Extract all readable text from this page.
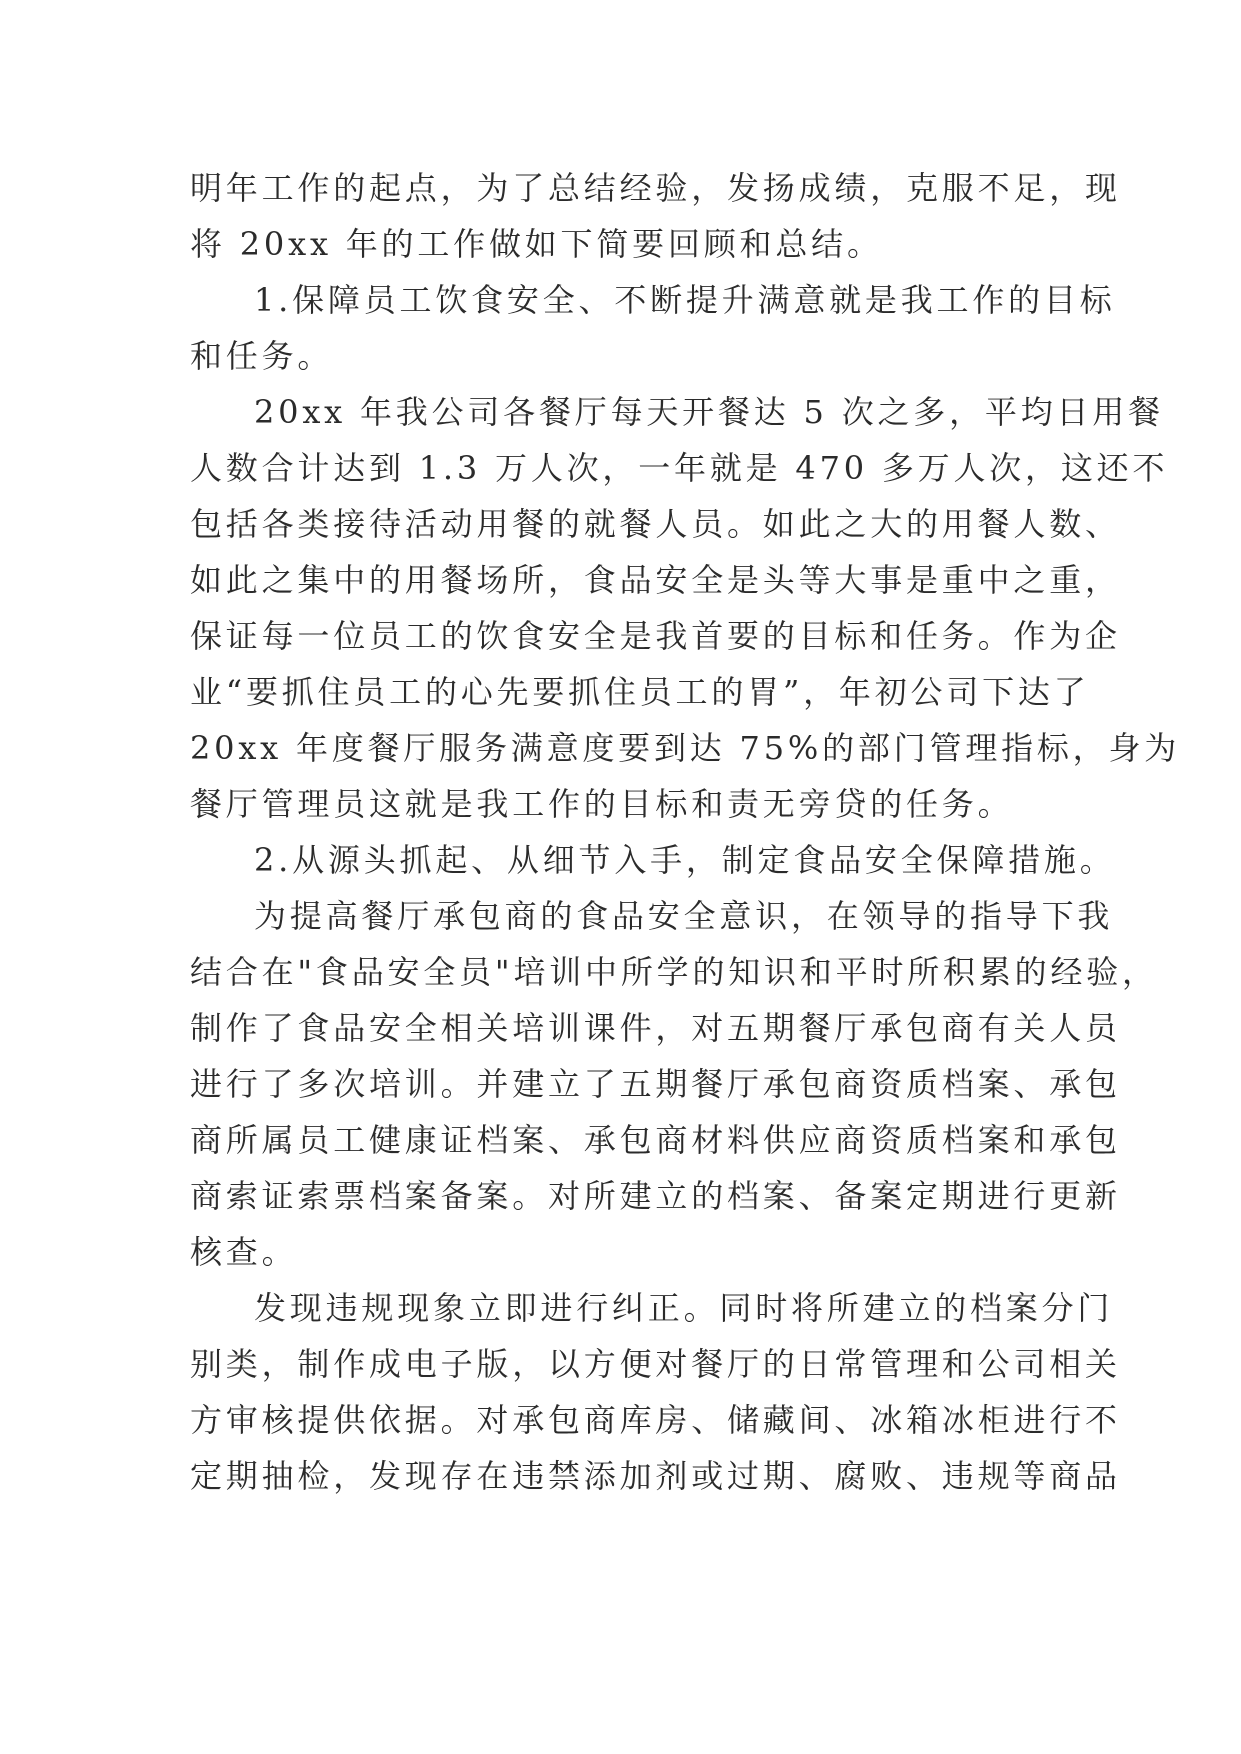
明年工作的起点，为了总结经验，发扬成绩，克服不足，现
将 20xx 年的工作做如下简要回顾和总结。
1.保障员工饮食安全、不断提升满意就是我工作的目标
和任务。
20xx 年我公司各餐厅每天开餐达 5 次之多，平均日用餐
人数合计达到 1.3 万人次，一年就是 470 多万人次，这还不
包括各类接待活动用餐的就餐人员。如此之大的用餐人数、
如此之集中的用餐场所，食品安全是头等大事是重中之重，
保证每一位员工的饮食安全是我首要的目标和任务。作为企
业“要抓住员工的心先要抓住员工的胃”，年初公司下达了
20xx 年度餐厅服务满意度要到达 75%的部门管理指标，身为
餐厅管理员这就是我工作的目标和责无旁贷的任务。
2.从源头抓起、从细节入手，制定食品安全保障措施。
为提高餐厅承包商的食品安全意识，在领导的指导下我
结合在"食品安全员"培训中所学的知识和平时所积累的经验，
制作了食品安全相关培训课件，对五期餐厅承包商有关人员
进行了多次培训。并建立了五期餐厅承包商资质档案、承包
商所属员工健康证档案、承包商材料供应商资质档案和承包
商索证索票档案备案。对所建立的档案、备案定期进行更新
核查。
发现违规现象立即进行纠正。同时将所建立的档案分门
别类，制作成电子版，以方便对餐厅的日常管理和公司相关
方审核提供依据。对承包商库房、储藏间、冰箱冰柜进行不
定期抽检，发现存在违禁添加剂或过期、腐败、违规等商品
